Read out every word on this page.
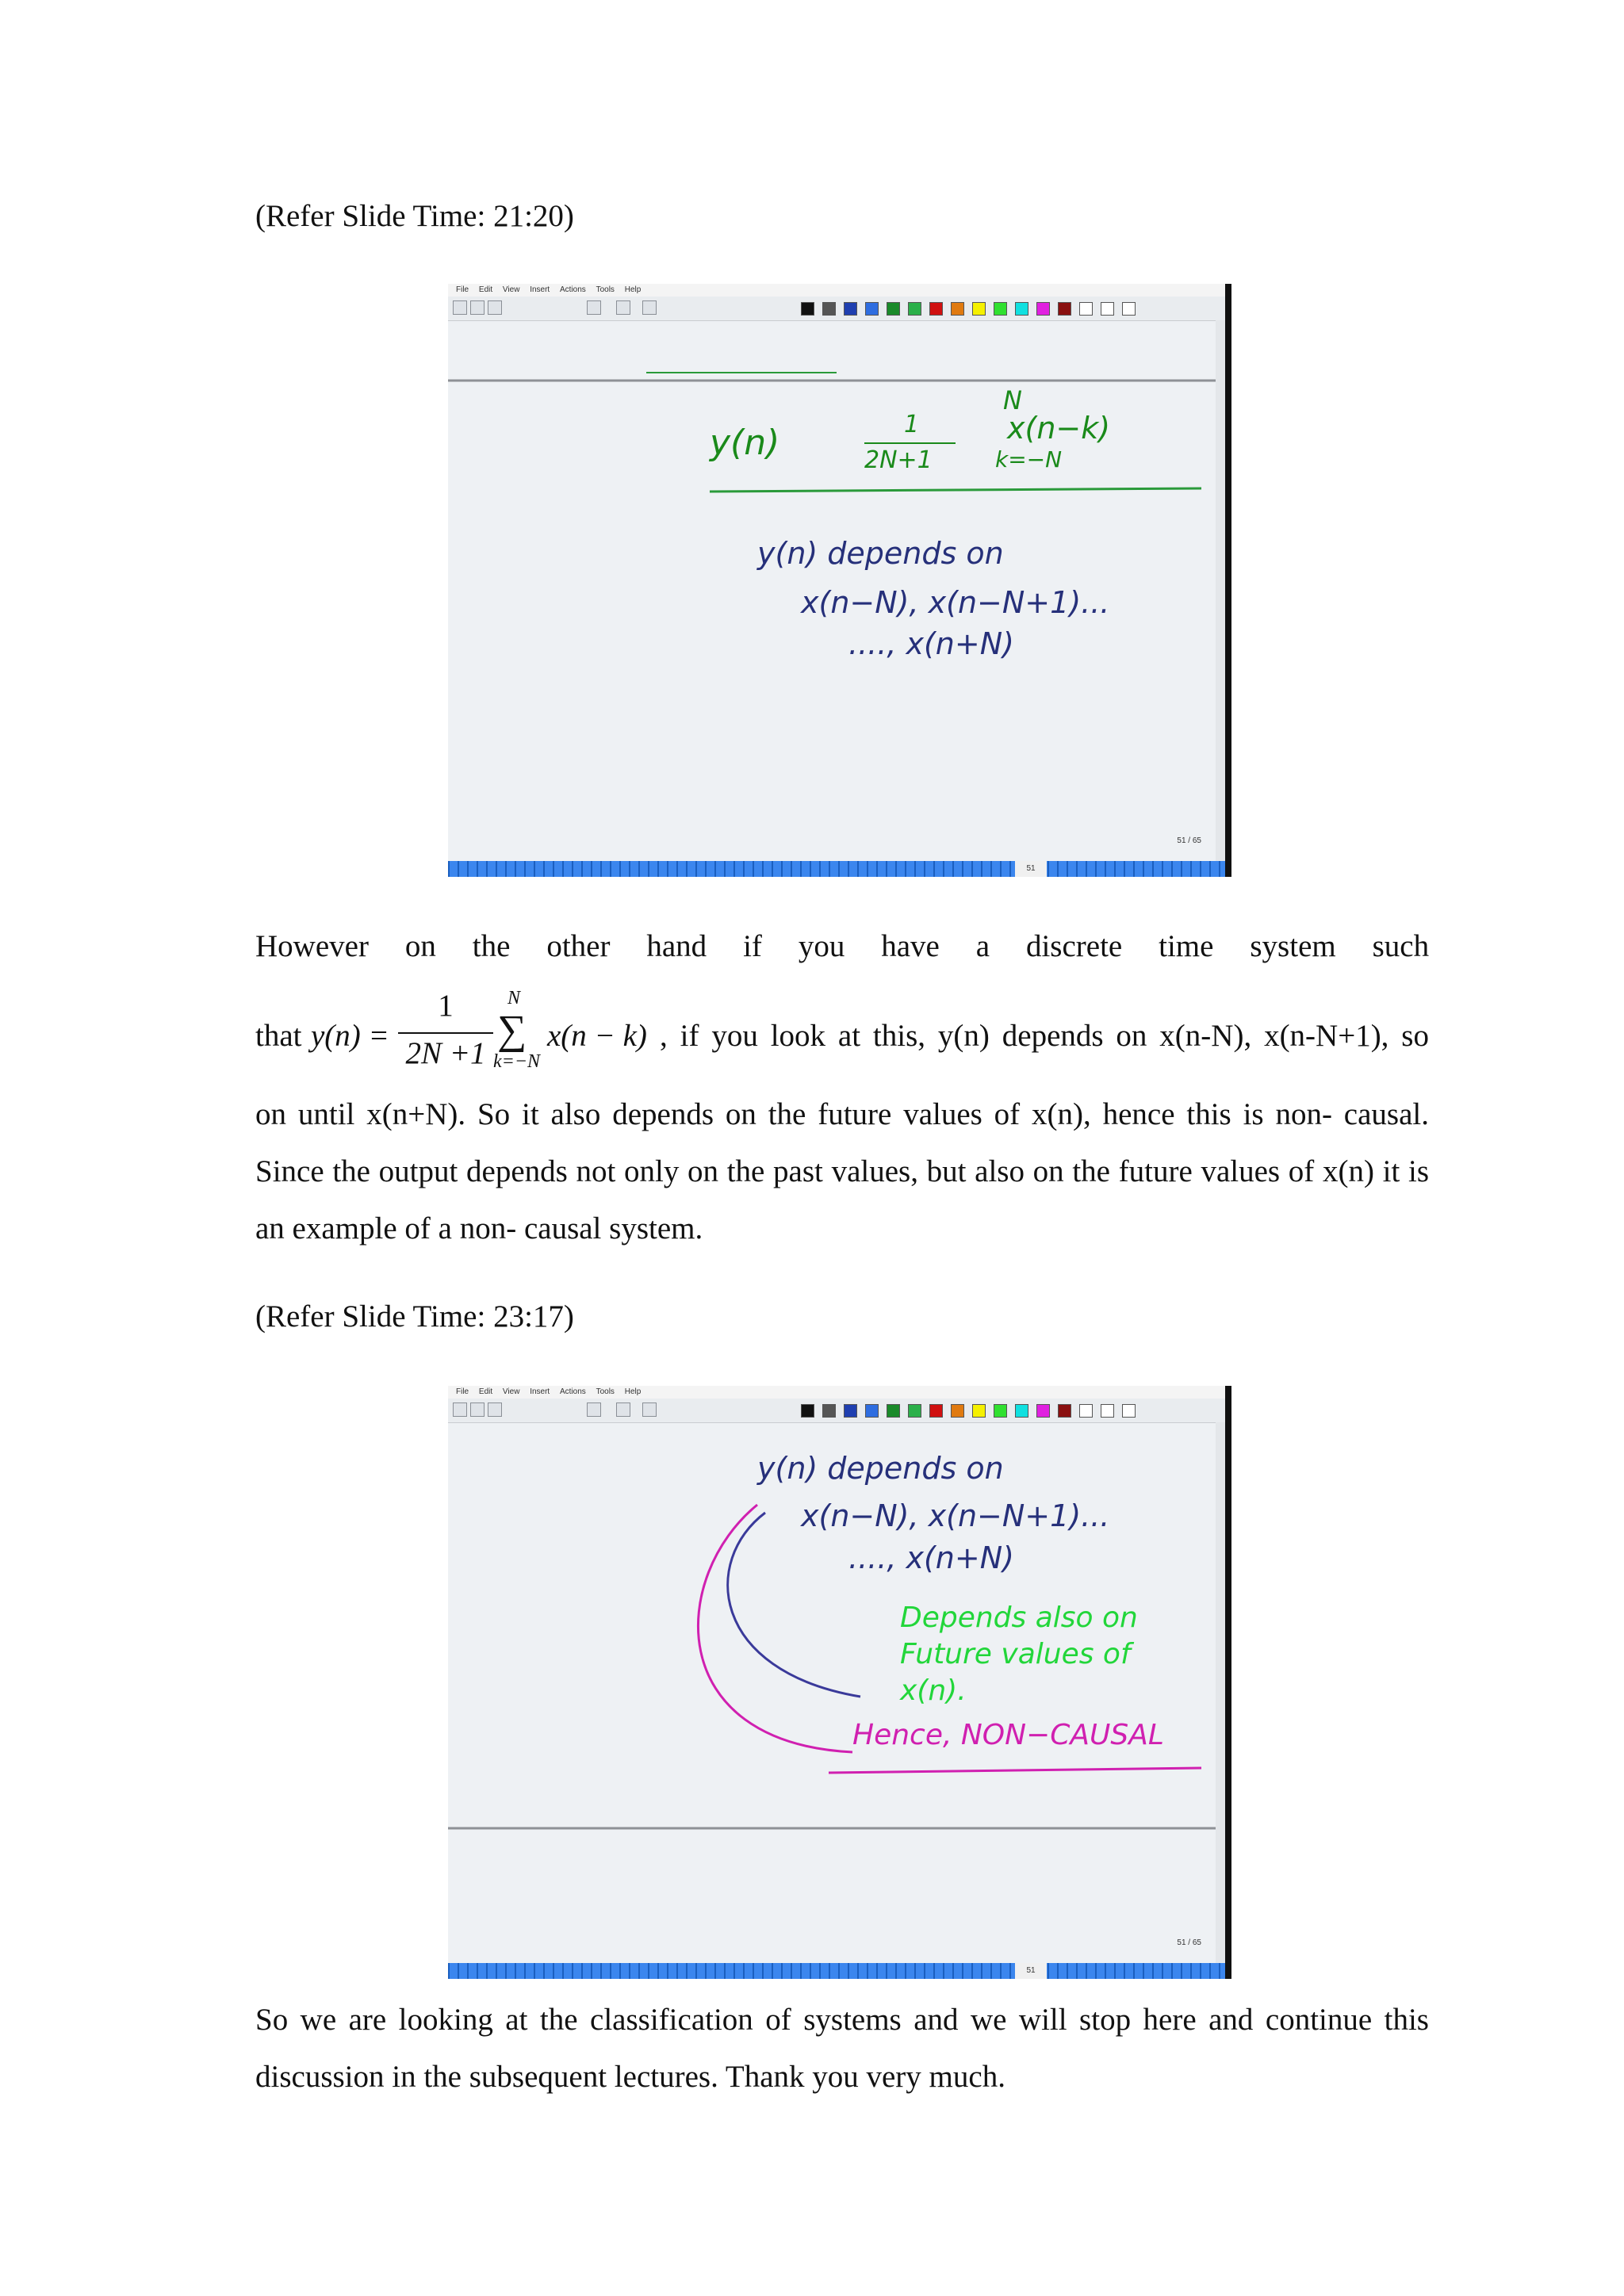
(Refer Slide Time: 21:20)
File Edit View Insert Actions Tools Help
y(n)	1
2N+1
N
x(n−k)
k=−N
y(n) depends on
x(n−N), x(n−N+1)...
...., x(n+N)
51 / 65
51
However on the other hand if you have a discrete time system such
that y(n) =
1
2N +1
N
∑
k=−N
x(n − k) , if you look at this, y(n) depends on x(n-N), x(n-N+1), so

on until x(n+N). So it also depends on the future values of x(n), hence this is non- causal. Since the output depends not only on the past values, but also on the future values of x(n) it is an example of a non- causal system.

(Refer Slide Time: 23:17)
File Edit View Insert Actions Tools Help
y(n) depends on
x(n−N), x(n−N+1)...
...., x(n+N)
Depends also on
Future values of
x(n).
Hence, NON−CAUSAL
51 / 65
51

So we are looking at the classification of systems and we will stop here and continue this discussion in the subsequent lectures. Thank you very much.
